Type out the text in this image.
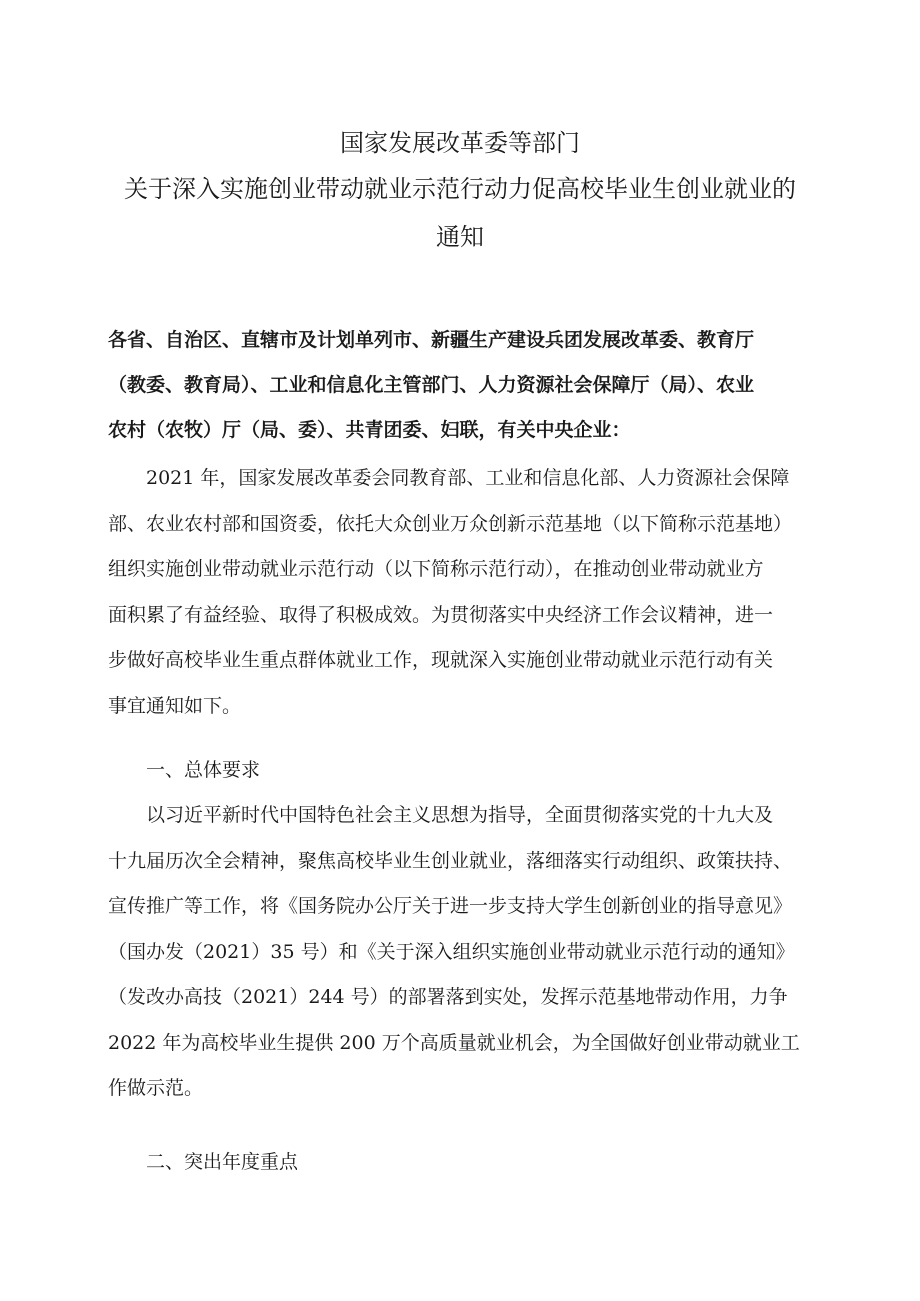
国家发展改革委等部门
关于深入实施创业带动就业示范行动力促高校毕业生创业就业的
通知
各省、自治区、直辖市及计划单列市、新疆生产建设兵团发展改革委、教育厅
（教委、教育局）、工业和信息化主管部门、人力资源社会保障厅（局）、农业
农村（农牧）厅（局、委）、共青团委、妇联，有关中央企业：
2021 年，国家发展改革委会同教育部、工业和信息化部、人力资源社会保障
部、农业农村部和国资委，依托大众创业万众创新示范基地（以下简称示范基地）
组织实施创业带动就业示范行动（以下简称示范行动），在推动创业带动就业方
面积累了有益经验、取得了积极成效。为贯彻落实中央经济工作会议精神，进一
步做好高校毕业生重点群体就业工作，现就深入实施创业带动就业示范行动有关
事宜通知如下。
一、总体要求
以习近平新时代中国特色社会主义思想为指导，全面贯彻落实党的十九大及
十九届历次全会精神，聚焦高校毕业生创业就业，落细落实行动组织、政策扶持、
宣传推广等工作，将《国务院办公厅关于进一步支持大学生创新创业的指导意见》
（国办发（2021）35 号）和《关于深入组织实施创业带动就业示范行动的通知》
（发改办高技（2021）244 号）的部署落到实处，发挥示范基地带动作用，力争
2022 年为高校毕业生提供 200 万个高质量就业机会，为全国做好创业带动就业工
作做示范。
二、突出年度重点
